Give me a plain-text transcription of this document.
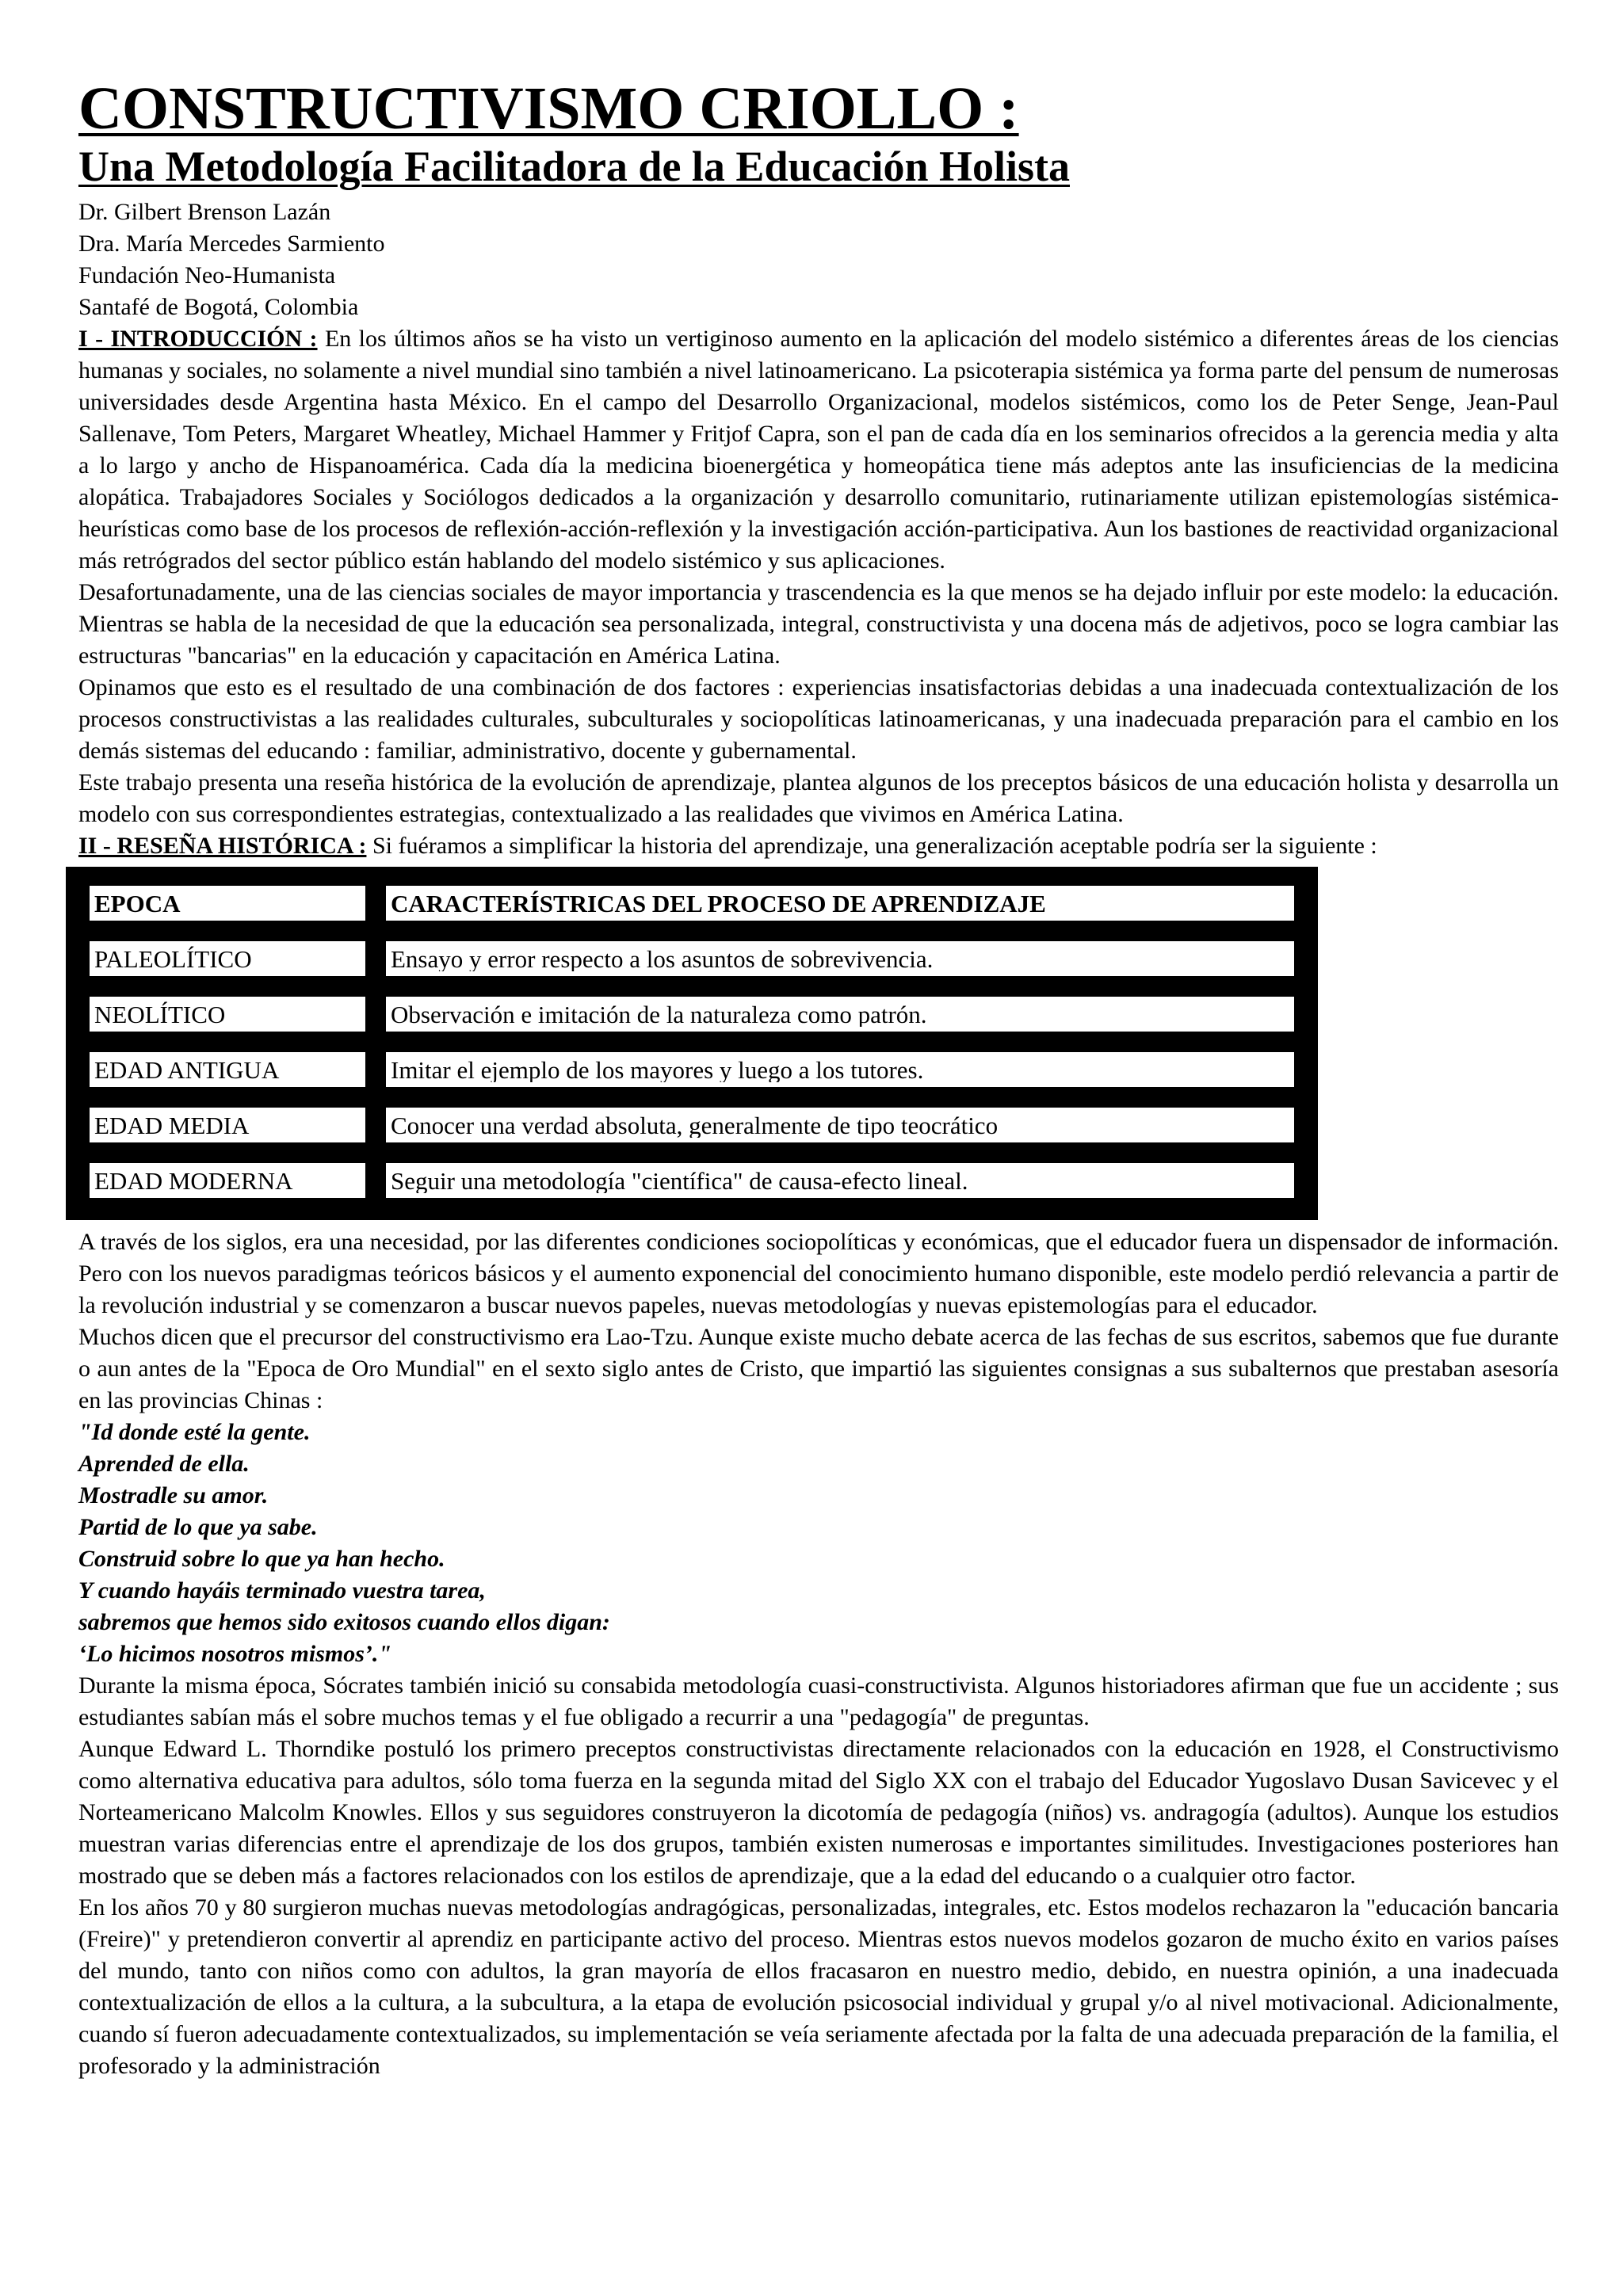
CONSTRUCTIVISMO CRIOLLO :
Una Metodología Facilitadora de la Educación Holista

Dr. Gilbert Brenson Lazán

Dra. María Mercedes Sarmiento

Fundación Neo-Humanista

Santafé de Bogotá, Colombia

I - INTRODUCCIÓN : En los últimos años se ha visto un vertiginoso aumento en la aplicación del modelo sistémico a diferentes áreas de los ciencias humanas y sociales, no solamente a nivel mundial sino también a nivel latinoamericano. La psicoterapia sistémica ya forma parte del pensum de numerosas universidades desde Argentina hasta México. En el campo del Desarrollo Organizacional, modelos sistémicos, como los de Peter Senge, Jean-Paul Sallenave, Tom Peters, Margaret Wheatley, Michael Hammer y Fritjof Capra, son el pan de cada día en los seminarios ofrecidos a la gerencia media y alta a lo largo y ancho de Hispanoamérica. Cada día la medicina bioenergética y homeopática tiene más adeptos ante las insuficiencias de la medicina alopática. Trabajadores Sociales y Sociólogos dedicados a la organización y desarrollo comunitario, rutinariamente utilizan epistemologías sistémica-heurísticas como base de los procesos de reflexión-acción-reflexión y la investigación acción-participativa. Aun los bastiones de reactividad organizacional más retrógrados del sector público están hablando del modelo sistémico y sus aplicaciones.

Desafortunadamente, una de las ciencias sociales de mayor importancia y trascendencia es la que menos se ha dejado influir por este modelo: la educación. Mientras se habla de la necesidad de que la educación sea personalizada, integral, constructivista y una docena más de adjetivos, poco se logra cambiar las estructuras "bancarias" en la educación y capacitación en América Latina.

Opinamos que esto es el resultado de una combinación de dos factores : experiencias insatisfactorias debidas a una inadecuada contextualización de los procesos constructivistas a las realidades culturales, subculturales y sociopolíticas latinoamericanas, y una inadecuada preparación para el cambio en los demás sistemas del educando : familiar, administrativo, docente y gubernamental.

Este trabajo presenta una reseña histórica de la evolución de aprendizaje, plantea algunos de los preceptos básicos de una educación holista y desarrolla un modelo con sus correspondientes estrategias, contextualizado a las realidades que vivimos en América Latina.

II - RESEÑA HISTÓRICA : Si fuéramos a simplificar la historia del aprendizaje, una generalización aceptable podría ser la siguiente :

EPOCA	CARACTERÍSTRICAS DEL PROCESO DE APRENDIZAJE
PALEOLÍTICO	Ensayo y error respecto a los asuntos de sobrevivencia.
NEOLÍTICO	Observación e imitación de la naturaleza como patrón.
EDAD ANTIGUA	Imitar el ejemplo de los mayores y luego a los tutores.
EDAD MEDIA	Conocer una verdad absoluta, generalmente de tipo teocrático
EDAD MODERNA	Seguir una metodología "científica" de causa-efecto lineal.

A través de los siglos, era una necesidad, por las diferentes condiciones sociopolíticas y económicas, que el educador fuera un dispensador de información. Pero con los nuevos paradigmas teóricos básicos y el aumento exponencial del conocimiento humano disponible, este modelo perdió relevancia a partir de la revolución industrial y se comenzaron a buscar nuevos papeles, nuevas metodologías y nuevas epistemologías para el educador.

Muchos dicen que el precursor del constructivismo era Lao-Tzu. Aunque existe mucho debate acerca de las fechas de sus escritos, sabemos que fue durante o aun antes de la "Epoca de Oro Mundial" en el sexto siglo antes de Cristo, que impartió las siguientes consignas a sus subalternos que prestaban asesoría en las provincias Chinas :

"Id donde esté la gente.

Aprended de ella.

Mostradle su amor.

Partid de lo que ya sabe.

Construid sobre lo que ya han hecho.

Y cuando hayáis terminado vuestra tarea,

sabremos que hemos sido exitosos cuando ellos digan:

‘Lo hicimos nosotros mismos’."

Durante la misma época, Sócrates también inició su consabida metodología cuasi-constructivista. Algunos historiadores afirman que fue un accidente ; sus estudiantes sabían más el sobre muchos temas y el fue obligado a recurrir a una "pedagogía" de preguntas.

Aunque Edward L. Thorndike postuló los primero preceptos constructivistas directamente relacionados con la educación en 1928, el Constructivismo como alternativa educativa para adultos, sólo toma fuerza en la segunda mitad del Siglo XX con el trabajo del Educador Yugoslavo Dusan Savicevec y el Norteamericano Malcolm Knowles. Ellos y sus seguidores construyeron la dicotomía de pedagogía (niños) vs. andragogía (adultos). Aunque los estudios muestran varias diferencias entre el aprendizaje de los dos grupos, también existen numerosas e importantes similitudes. Investigaciones posteriores han mostrado que se deben más a factores relacionados con los estilos de aprendizaje, que a la edad del educando o a cualquier otro factor.

En los años 70 y 80 surgieron muchas nuevas metodologías andragógicas, personalizadas, integrales, etc. Estos modelos rechazaron la "educación bancaria (Freire)" y pretendieron convertir al aprendiz en participante activo del proceso. Mientras estos nuevos modelos gozaron de mucho éxito en varios países del mundo, tanto con niños como con adultos, la gran mayoría de ellos fracasaron en nuestro medio, debido, en nuestra opinión, a una inadecuada contextualización de ellos a la cultura, a la subcultura, a la etapa de evolución psicosocial individual y grupal y/o al nivel motivacional. Adicionalmente, cuando sí fueron adecuadamente contextualizados, su implementación se veía seriamente afectada por la falta de una adecuada preparación de la familia, el profesorado y la administración
